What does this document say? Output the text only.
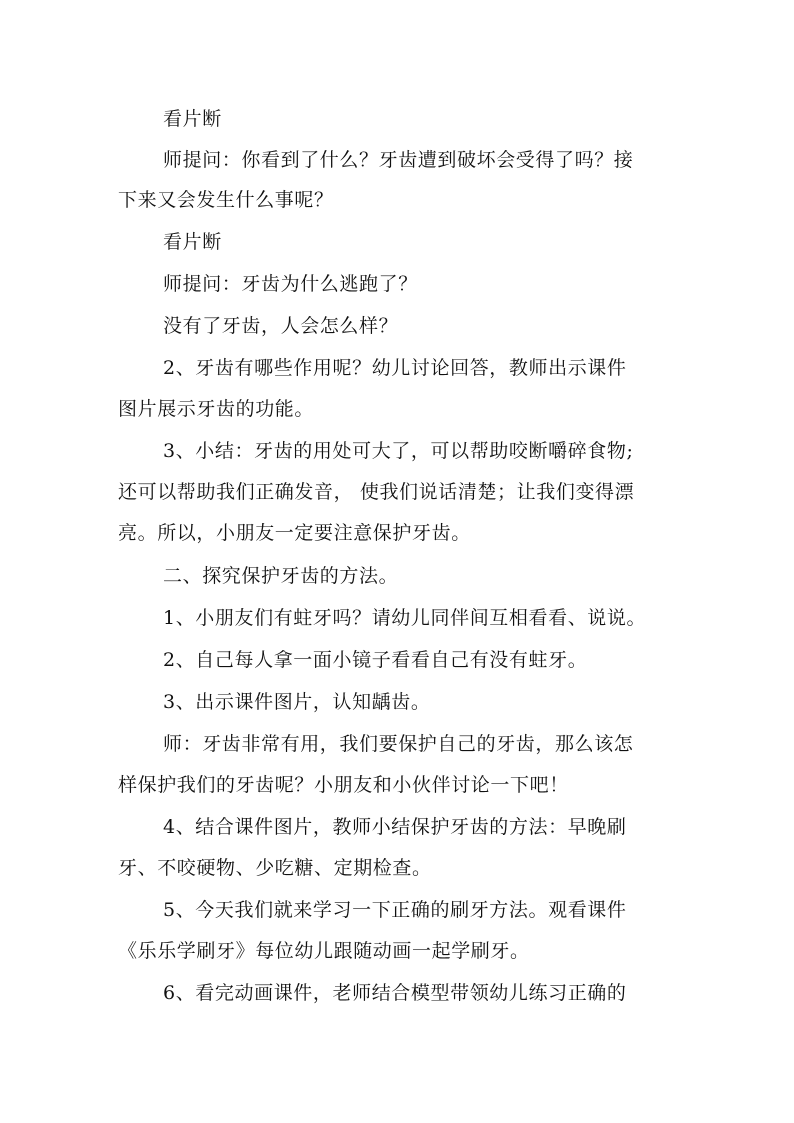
看片断
师提问：你看到了什么？牙齿遭到破坏会受得了吗？接
下来又会发生什么事呢？
看片断
师提问：牙齿为什么逃跑了？
没有了牙齿，人会怎么样？
2、牙齿有哪些作用呢？幼儿讨论回答，教师出示课件
图片展示牙齿的功能。
3、小结：牙齿的用处可大了，可以帮助咬断嚼碎食物;
还可以帮助我们正确发音， 使我们说话清楚；让我们变得漂
亮。所以，小朋友一定要注意保护牙齿。
二、探究保护牙齿的方法。
1、小朋友们有蛀牙吗？请幼儿同伴间互相看看、说说。
2、自己每人拿一面小镜子看看自己有没有蛀牙。
3、出示课件图片，认知龋齿。
师：牙齿非常有用，我们要保护自己的牙齿，那么该怎
样保护我们的牙齿呢？小朋友和小伙伴讨论一下吧！
4、结合课件图片，教师小结保护牙齿的方法：早晚刷
牙、不咬硬物、少吃糖、定期检查。
5、今天我们就来学习一下正确的刷牙方法。观看课件
《乐乐学刷牙》每位幼儿跟随动画一起学刷牙。
6、看完动画课件，老师结合模型带领幼儿练习正确的
